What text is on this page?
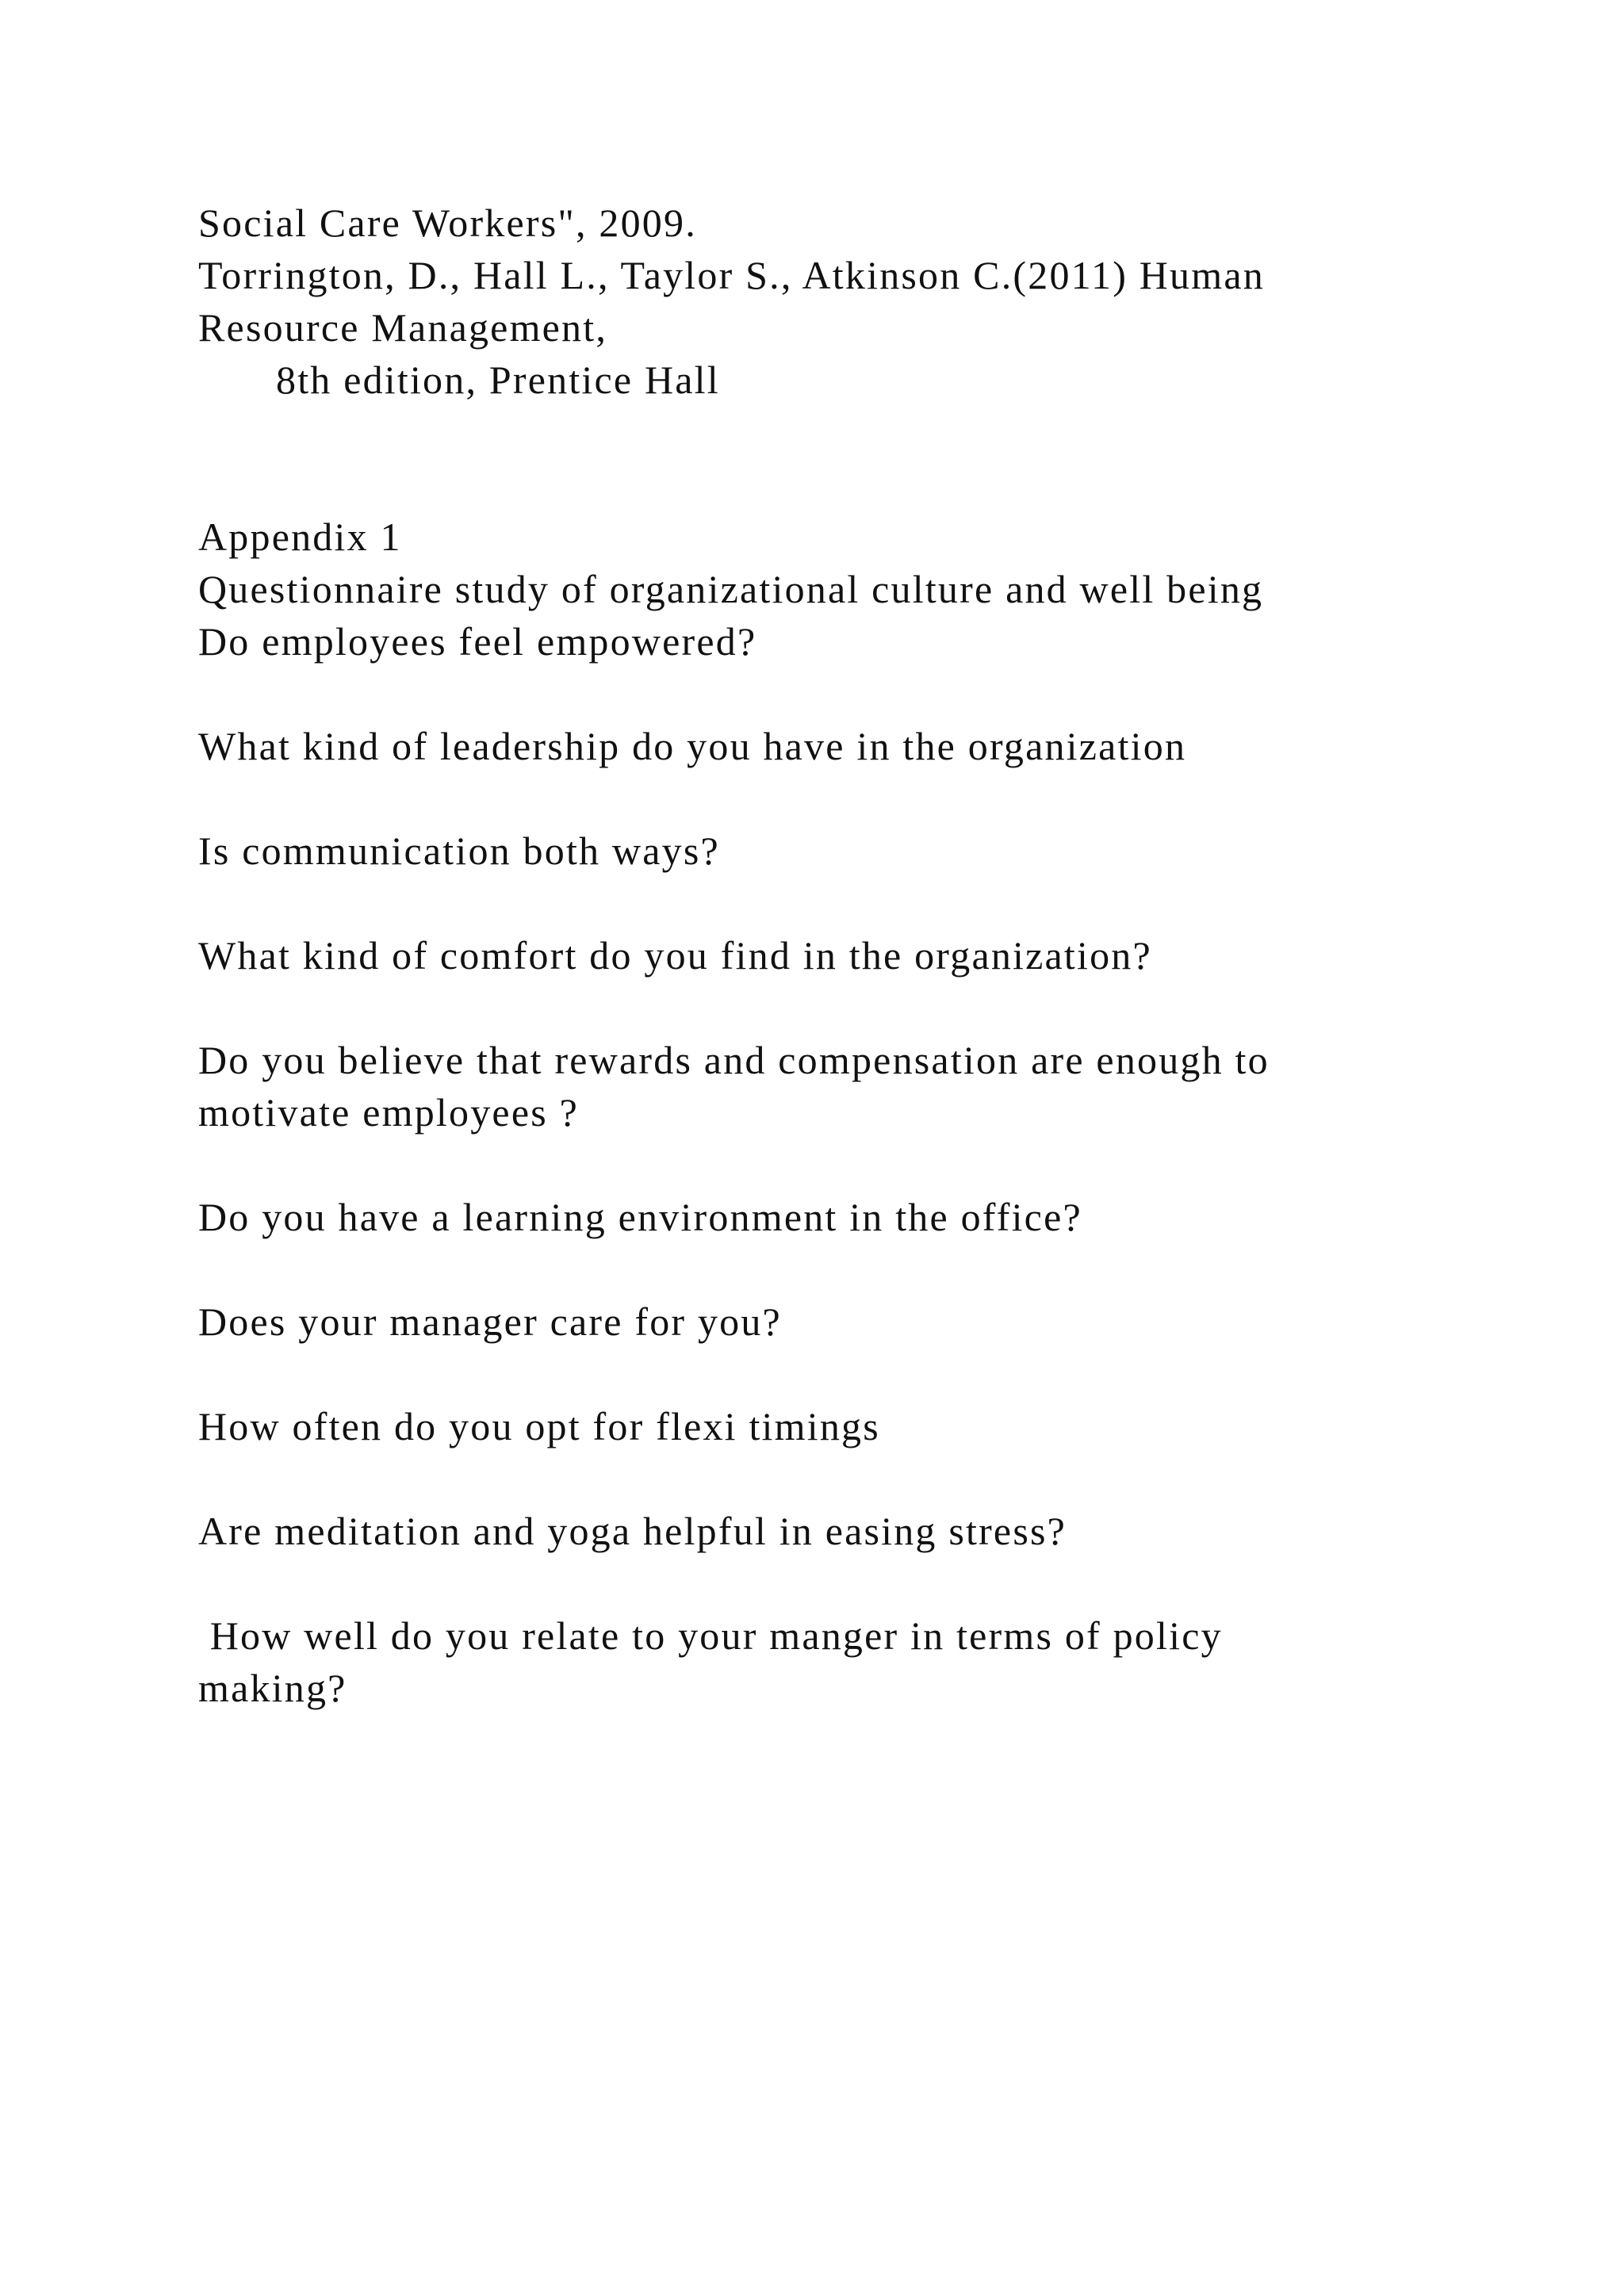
Social Care Workers", 2009.
Torrington, D., Hall L., Taylor S., Atkinson C.(2011) Human
Resource Management,
8th edition, Prentice Hall
Appendix 1
Questionnaire study of organizational culture and well being
Do employees feel empowered?
What kind of leadership do you have in the organization
Is communication both ways?
What kind of comfort do you find in the organization?
Do you believe that rewards and compensation are enough to
motivate employees ?
Do you have a learning environment in the office?
Does your manager care for you?
How often do you opt for flexi timings
Are meditation and yoga helpful in easing stress?
How well do you relate to your manger in terms of policy
making?
